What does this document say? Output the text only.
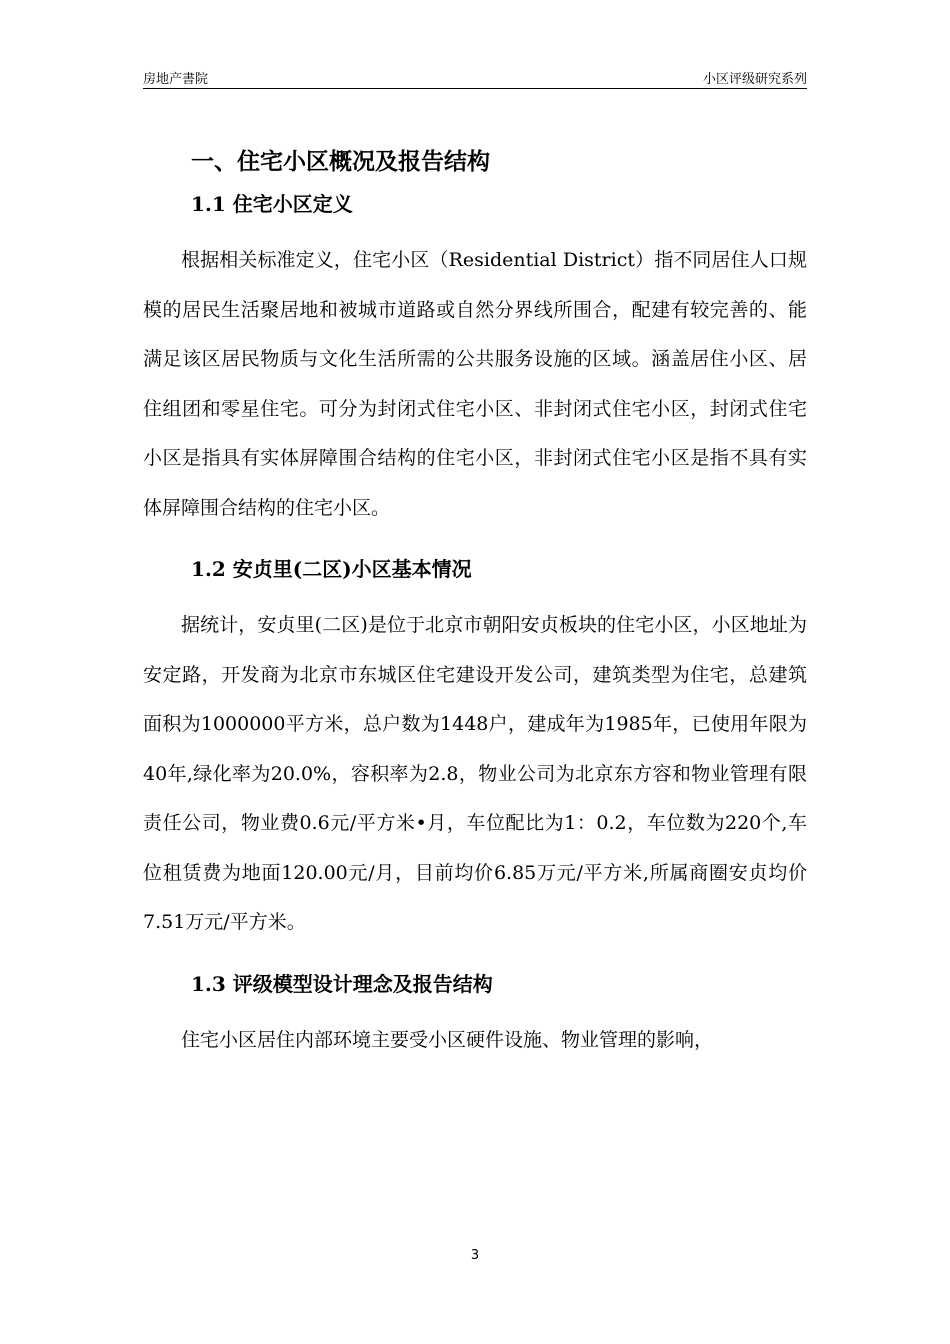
房地产書院	小区评级研究系列
一、住宅小区概况及报告结构
1.1 住宅小区定义

根据相关标准定义，住宅小区（Residential District）指不同居住人口规模的居民生活聚居地和被城市道路或自然分界线所围合，配建有较完善的、能满足该区居民物质与文化生活所需的公共服务设施的区域。涵盖居住小区、居住组团和零星住宅。可分为封闭式住宅小区、非封闭式住宅小区，封闭式住宅小区是指具有实体屏障围合结构的住宅小区，非封闭式住宅小区是指不具有实体屏障围合结构的住宅小区。

1.2 安贞里(二区)小区基本情况

据统计，安贞里(二区)是位于北京市朝阳安贞板块的住宅小区，小区地址为安定路，开发商为北京市东城区住宅建设开发公司，建筑类型为住宅，总建筑面积为1000000平方米，总户数为1448户，建成年为1985年，已使用年限为40年,绿化率为20.0%，容积率为2.8，物业公司为北京东方容和物业管理有限责任公司，物业费0.6元/平方米•月，车位配比为1：0.2，车位数为220个,车位租赁费为地面120.00元/月，目前均价6.85万元/平方米,所属商圈安贞均价7.51万元/平方米。

1.3 评级模型设计理念及报告结构

住宅小区居住内部环境主要受小区硬件设施、物业管理的影响，

3
